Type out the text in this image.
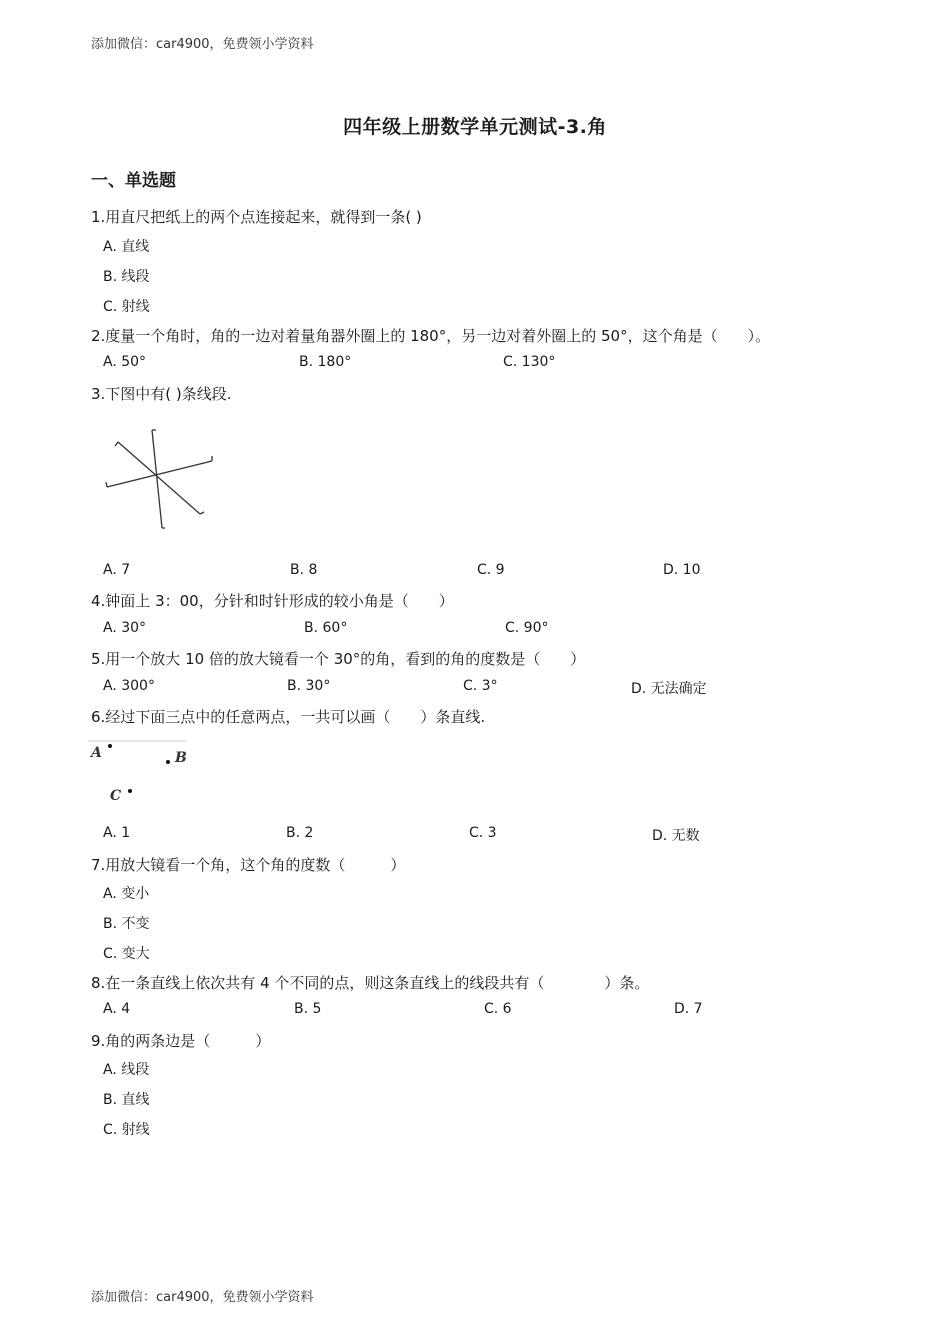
添加微信：car4900，免费领小学资料
四年级上册数学单元测试-3.角
一、单选题
1.用直尺把纸上的两个点连接起来，就得到一条( )
A. 直线
B. 线段
C. 射线
2.度量一个角时，角的一边对着量角器外圈上的 180°，另一边对着外圈上的 50°，这个角是（　　）。
A. 50°	B. 180°	C. 130°
3.下图中有( )条线段.
A. 7	B. 8	C. 9	D. 10
4.钟面上 3：00，分针和时针形成的较小角是（　　）
A. 30°	B. 60°	C. 90°
5.用一个放大 10 倍的放大镜看一个 30°的角，看到的角的度数是（　　）
A. 300°	B. 30°	C. 3°	D. 无法确定
6.经过下面三点中的任意两点，一共可以画（　　）条直线.
A	B
C
A. 1	B. 2	C. 3	D. 无数
7.用放大镜看一个角，这个角的度数（　　　）
A. 变小
B. 不变
C. 变大
8.在一条直线上依次共有 4 个不同的点，则这条直线上的线段共有（　　　　）条。
A. 4	B. 5	C. 6	D. 7
9.角的两条边是（　　　）
A. 线段
B. 直线
C. 射线
添加微信：car4900，免费领小学资料
